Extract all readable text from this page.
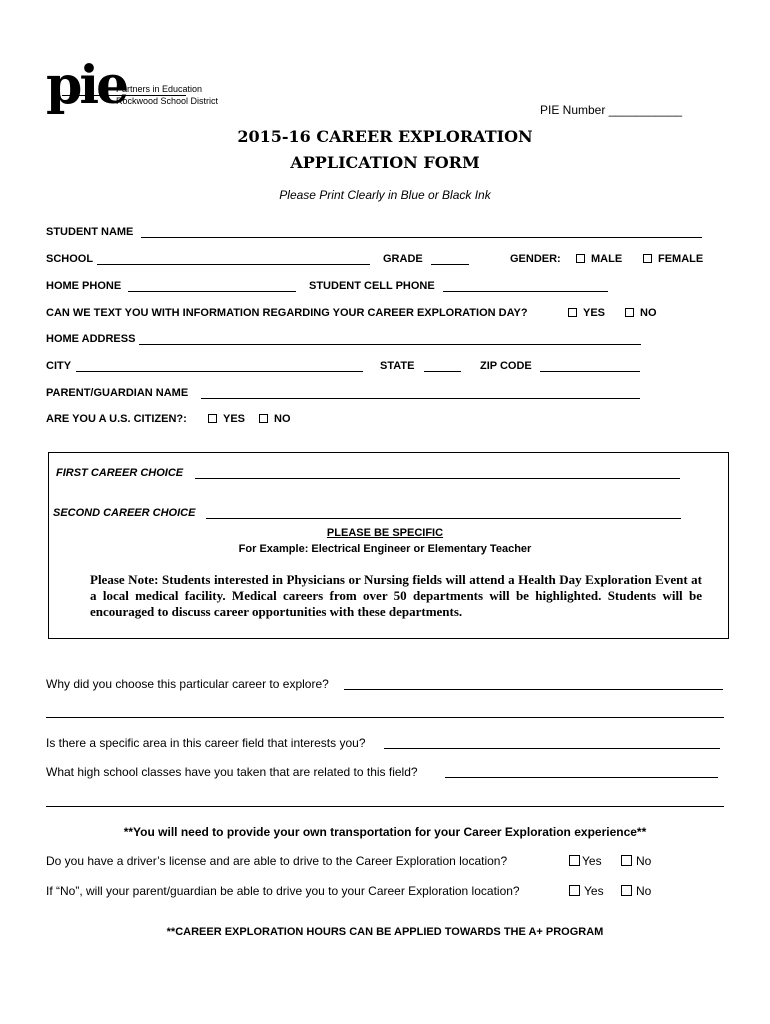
pie
Partners in Education
Rockwood School District
PIE Number ___________
2015-16 CAREER EXPLORATION
APPLICATION FORM
Please Print Clearly in Blue or Black Ink
STUDENT NAME
SCHOOL	GRADE	GENDER:	MALE	FEMALE
HOME PHONE	STUDENT CELL PHONE
CAN WE TEXT YOU WITH INFORMATION REGARDING YOUR CAREER EXPLORATION DAY?	YES	NO
HOME ADDRESS
CITY	STATE	ZIP CODE
PARENT/GUARDIAN NAME
ARE YOU A U.S. CITIZEN?:	YES	NO
FIRST CAREER CHOICE
SECOND CAREER CHOICE
PLEASE BE SPECIFIC
For Example: Electrical Engineer or Elementary Teacher
Please Note: Students interested in Physicians or Nursing fields will attend a Health Day Exploration Event at a local medical facility. Medical careers from over 50 departments will be highlighted. Students will be encouraged to discuss career opportunities with these departments.
Why did you choose this particular career to explore?
Is there a specific area in this career field that interests you?
What high school classes have you taken that are related to this field?
**You will need to provide your own transportation for your Career Exploration experience**
Do you have a driver’s license and are able to drive to the Career Exploration location?	Yes	No
If “No”, will your parent/guardian be able to drive you to your Career Exploration location?	Yes	No
**CAREER EXPLORATION HOURS CAN BE APPLIED TOWARDS THE A+ PROGRAM
